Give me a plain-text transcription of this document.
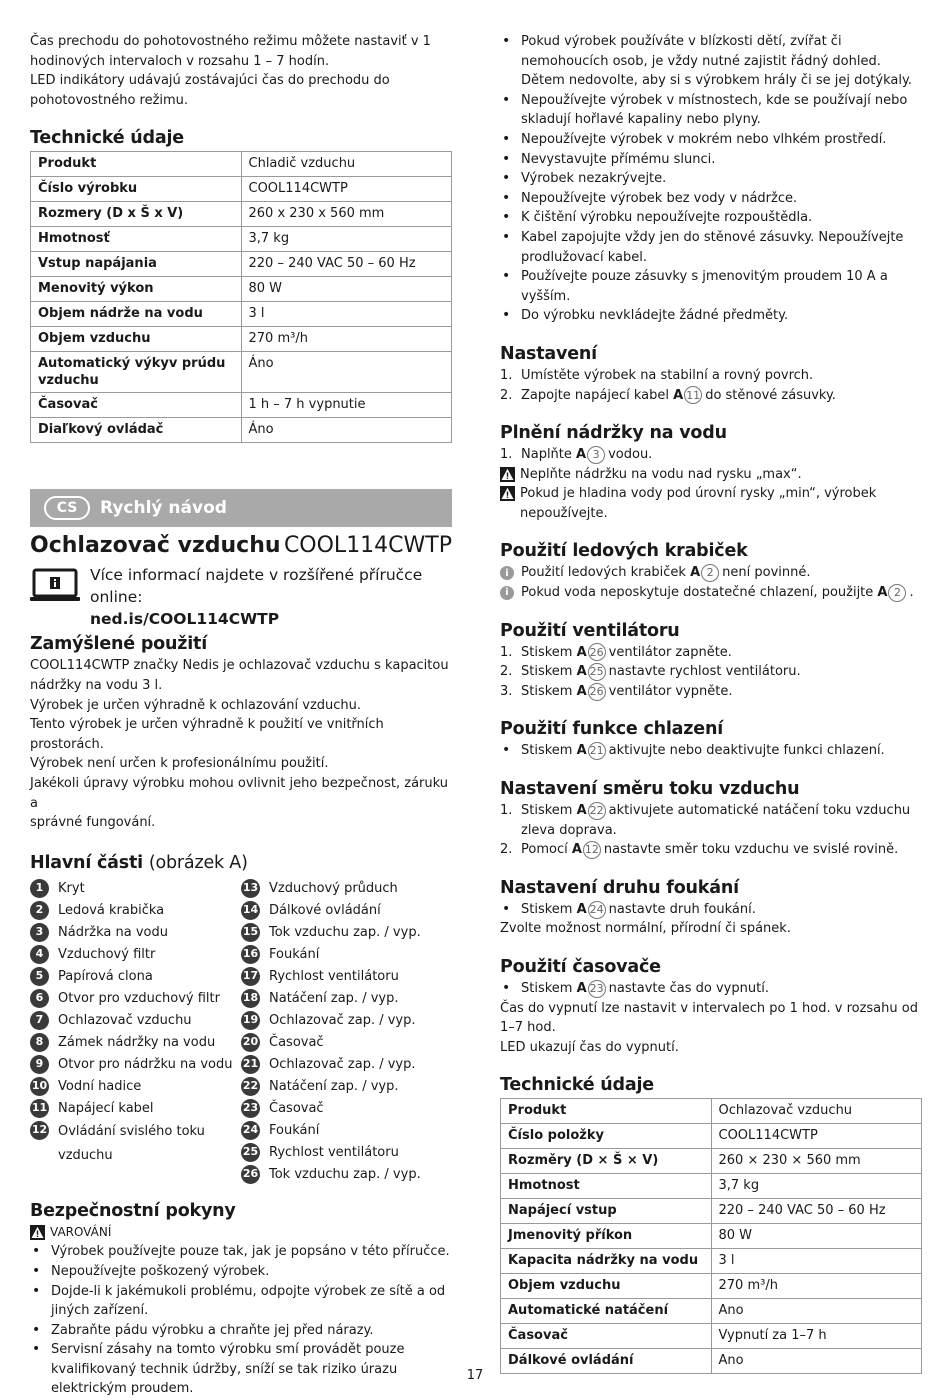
Čas prechodu do pohotovostného režimu môžete nastaviť v 1

hodinových intervaloch v rozsahu 1 – 7 hodín.

LED indikátory udávajú zostávajúci čas do prechodu do

pohotovostného režimu.

Technické údaje
Produkt	Chladič vzduchu
Číslo výrobku	COOL114CWTP
Rozmery (D x Š x V)	260 x 230 x 560 mm
Hmotnosť	3,7 kg
Vstup napájania	220 – 240 VAC 50 – 60 Hz
Menovitý výkon	80 W
Objem nádrže na vodu	3 l
Objem vzduchu	270 m³/h
Automatický výkyv prúdu vzduchu	Áno
Časovač	1 h – 7 h vypnutie
Diaľkový ovládač	Áno
CS	Rychlý návod
Ochlazovač vzduchu COOL114CWTP
Více informací najdete v rozšířené příručce online:
ned.is/COOL114CWTP
Zamýšlené použití

COOL114CWTP značky Nedis je ochlazovač vzduchu s kapacitou

nádržky na vodu 3 l.

Výrobek je určen výhradně k ochlazování vzduchu.

Tento výrobek je určen výhradně k použití ve vnitřních prostorách.

Výrobek není určen k profesionálnímu použití.

Jakékoli úpravy výrobku mohou ovlivnit jeho bezpečnost, záruku a

správné fungování.

Hlavní části (obrázek A)
1	Kryt
2	Ledová krabička
3	Nádržka na vodu
4	Vzduchový filtr
5	Papírová clona
6	Otvor pro vzduchový filtr
7	Ochlazovač vzduchu
8	Zámek nádržky na vodu
9	Otvor pro nádržku na vodu
10 Vodní hadice
11 Napájecí kabel
12 Ovládání svislého toku vzduchu
13 Vzduchový průduch
14 Dálkové ovládání
15 Tok vzduchu zap. / vyp.
16 Foukání
17 Rychlost ventilátoru
18 Natáčení zap. / vyp.
19 Ochlazovač zap. / vyp.
20 Časovač
21 Ochlazovač zap. / vyp.
22 Natáčení zap. / vyp.
23 Časovač
24 Foukání
25 Rychlost ventilátoru
26 Tok vzduchu zap. / vyp.
Bezpečnostní pokyny
VAROVÁNÍ
• Výrobek používejte pouze tak, jak je popsáno v této příručce.
• Nepoužívejte poškozený výrobek.
• Dojde-li k jakémukoli problému, odpojte výrobek ze sítě a od jiných zařízení.
• Zabraňte pádu výrobku a chraňte jej před nárazy.
• Servisní zásahy na tomto výrobku smí provádět pouze kvalifikovaný technik údržby, sníží se tak riziko úrazu elektrickým proudem.
• Pokud výrobek používáte v blízkosti dětí, zvířat či nemohoucích osob, je vždy nutné zajistit řádný dohled. Dětem nedovolte, aby si s výrobkem hrály či se jej dotýkaly.
• Nepoužívejte výrobek v místnostech, kde se používají nebo skladují hořlavé kapaliny nebo plyny.
• Nepoužívejte výrobek v mokrém nebo vlhkém prostředí.
• Nevystavujte přímému slunci.
• Výrobek nezakrývejte.
• Nepoužívejte výrobek bez vody v nádržce.
• K čištění výrobku nepoužívejte rozpouštědla.
• Kabel zapojujte vždy jen do stěnové zásuvky. Nepoužívejte prodlužovací kabel.
• Používejte pouze zásuvky s jmenovitým proudem 10 A a vyšším.
• Do výrobku nevkládejte žádné předměty.
Nastavení
1. Umístěte výrobek na stabilní a rovný povrch.
2. Zapojte napájecí kabel A 11 do stěnové zásuvky.
Plnění nádržky na vodu
1. Naplňte A 3 vodou.
Neplňte nádržku na vodu nad rysku „max“.
Pokud je hladina vody pod úrovní rysky „min“, výrobek nepoužívejte.
Použití ledových krabiček
i Použití ledových krabiček A 2 není povinné.
i Pokud voda neposkytuje dostatečné chlazení, použijte A 2 .
Použití ventilátoru
1. Stiskem A 26 ventilátor zapněte.
2. Stiskem A 25 nastavte rychlost ventilátoru.
3. Stiskem A 26 ventilátor vypněte.
Použití funkce chlazení
• Stiskem A 21 aktivujte nebo deaktivujte funkci chlazení.
Nastavení směru toku vzduchu
1. Stiskem A 22 aktivujete automatické natáčení toku vzduchu zleva doprava.
2. Pomocí A 12 nastavte směr toku vzduchu ve svislé rovině.
Nastavení druhu foukání
• Stiskem A 24 nastavte druh foukání.

Zvolte možnost normální, přírodní či spánek.

Použití časovače
• Stiskem A 23 nastavte čas do vypnutí.

Čas do vypnutí lze nastavit v intervalech po 1 hod. v rozsahu od

1–7 hod.

LED ukazují čas do vypnutí.

Technické údaje
Produkt	Ochlazovač vzduchu
Číslo položky	COOL114CWTP
Rozměry (D × Š × V)	260 × 230 × 560 mm
Hmotnost	3,7 kg
Napájecí vstup	220 – 240 VAC 50 – 60 Hz
Jmenovitý příkon	80 W
Kapacita nádržky na vodu	3 l
Objem vzduchu	270 m³/h
Automatické natáčení	Ano
Časovač	Vypnutí za 1–7 h
Dálkové ovládání	Ano
17
